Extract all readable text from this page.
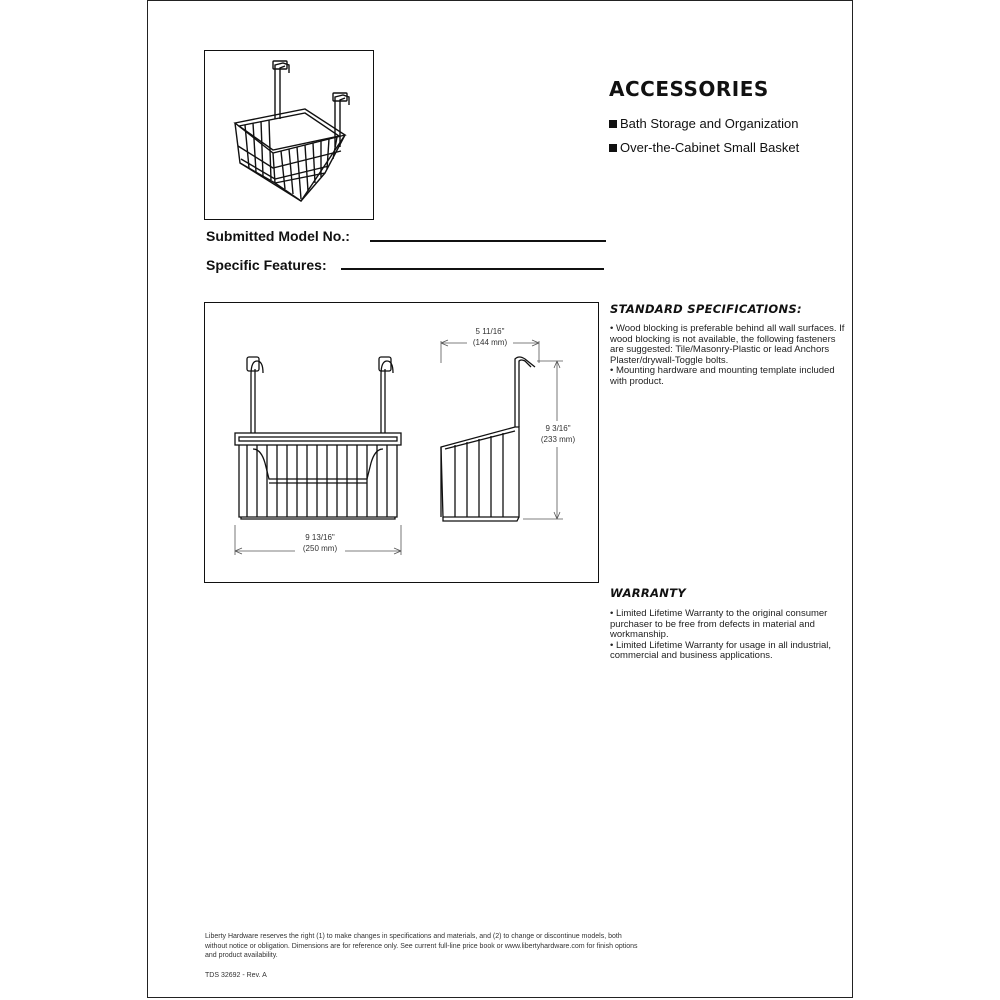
ACCESSORIES
Bath Storage and Organization
Over-the-Cabinet Small Basket
Submitted Model No.:
Specific Features:
5 11/16"
(144 mm)
9 3/16"
(233 mm)
9 13/16"
(250 mm)
STANDARD SPECIFICATIONS:

• Wood blocking is preferable behind all wall surfaces. If wood blocking is not available, the following fasteners are suggested: Tile/Masonry-Plastic or lead Anchors Plaster/drywall-Toggle bolts.

• Mounting hardware and mounting template included with product.

WARRANTY

• Limited Lifetime Warranty to the original consumer purchaser to be free from defects in material and workmanship.

• Limited Lifetime Warranty for usage in all industrial, commercial and business applications.

Liberty Hardware reserves the right (1) to make changes in specifications and materials, and (2) to change or discontinue models, both without notice or obligation. Dimensions are for reference only. See current full-line price book or www.libertyhardware.com for finish options and product availability.
TDS 32692 - Rev. A
